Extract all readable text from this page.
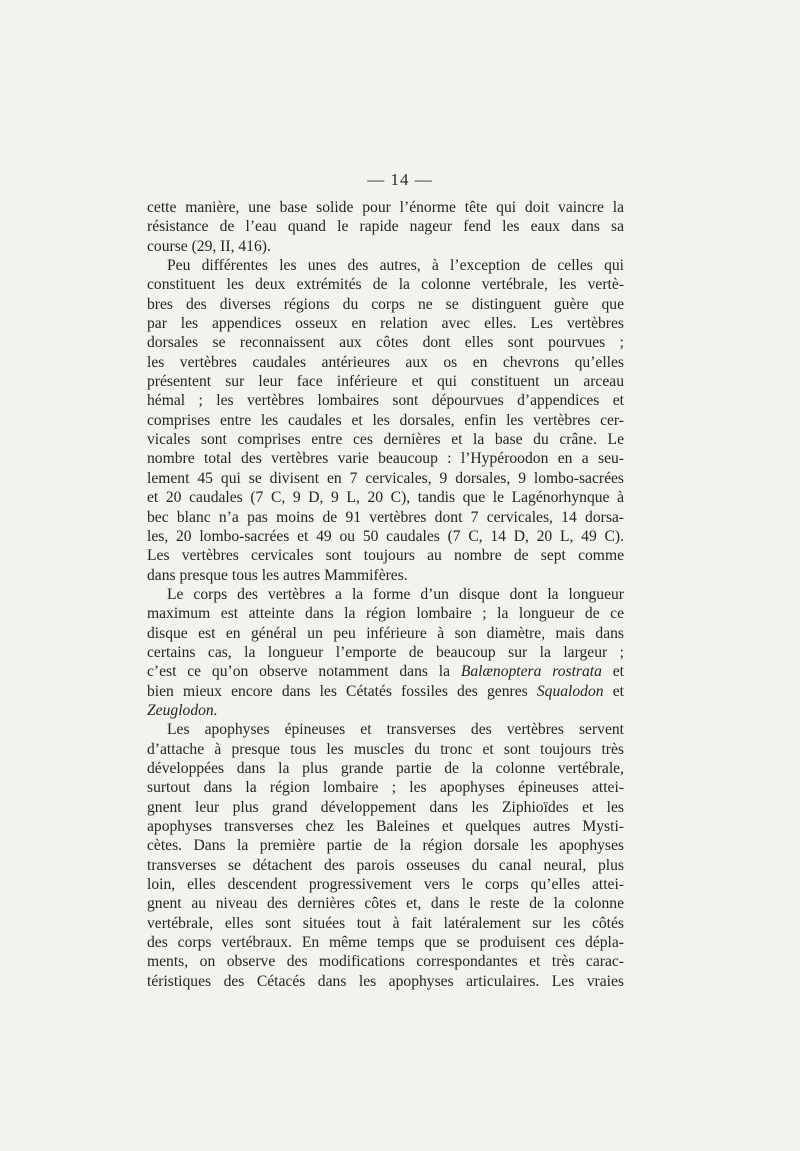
— 14 —
cette manière, une base solide pour l’énorme tête qui doit vaincre la
résistance de l’eau quand le rapide nageur fend les eaux dans sa
course (29, II, 416).
Peu différentes les unes des autres, à l’exception de celles qui
constituent les deux extrémités de la colonne vertébrale, les vertè-
bres des diverses régions du corps ne se distinguent guère que
par les appendices osseux en relation avec elles. Les vertèbres
dorsales se reconnaissent aux côtes dont elles sont pourvues ;
les vertèbres caudales antérieures aux os en chevrons qu’elles
présentent sur leur face inférieure et qui constituent un arceau
hémal ; les vertèbres lombaires sont dépourvues d’appendices et
comprises entre les caudales et les dorsales, enfin les vertèbres cer-
vicales sont comprises entre ces dernières et la base du crâne. Le
nombre total des vertèbres varie beaucoup : l’Hypéroodon en a seu-
lement 45 qui se divisent en 7 cervicales, 9 dorsales, 9 lombo-sacrées
et 20 caudales (7 C, 9 D, 9 L, 20 C), tandis que le Lagénorhynque à
bec blanc n’a pas moins de 91 vertèbres dont 7 cervicales, 14 dorsa-
les, 20 lombo-sacrées et 49 ou 50 caudales (7 C, 14 D, 20 L, 49 C).
Les vertèbres cervicales sont toujours au nombre de sept comme
dans presque tous les autres Mammifères.
Le corps des vertèbres a la forme d’un disque dont la longueur
maximum est atteinte dans la région lombaire ; la longueur de ce
disque est en général un peu inférieure à son diamètre, mais dans
certains cas, la longueur l’emporte de beaucoup sur la largeur ;
c’est ce qu’on observe notamment dans la Balænoptera rostrata et
bien mieux encore dans les Cétatés fossiles des genres Squalodon et
Zeuglodon.
Les apophyses épineuses et transverses des vertèbres servent
d’attache à presque tous les muscles du tronc et sont toujours très
développées dans la plus grande partie de la colonne vertébrale,
surtout dans la région lombaire ; les apophyses épineuses attei-
gnent leur plus grand développement dans les Ziphioïdes et les
apophyses transverses chez les Baleines et quelques autres Mysti-
cètes. Dans la première partie de la région dorsale les apophyses
transverses se détachent des parois osseuses du canal neural, plus
loin, elles descendent progressivement vers le corps qu’elles attei-
gnent au niveau des dernières côtes et, dans le reste de la colonne
vertébrale, elles sont situées tout à fait latéralement sur les côtés
des corps vertébraux. En même temps que se produisent ces dépla-
ments, on observe des modifications correspondantes et très carac-
téristiques des Cétacés dans les apophyses articulaires. Les vraies
